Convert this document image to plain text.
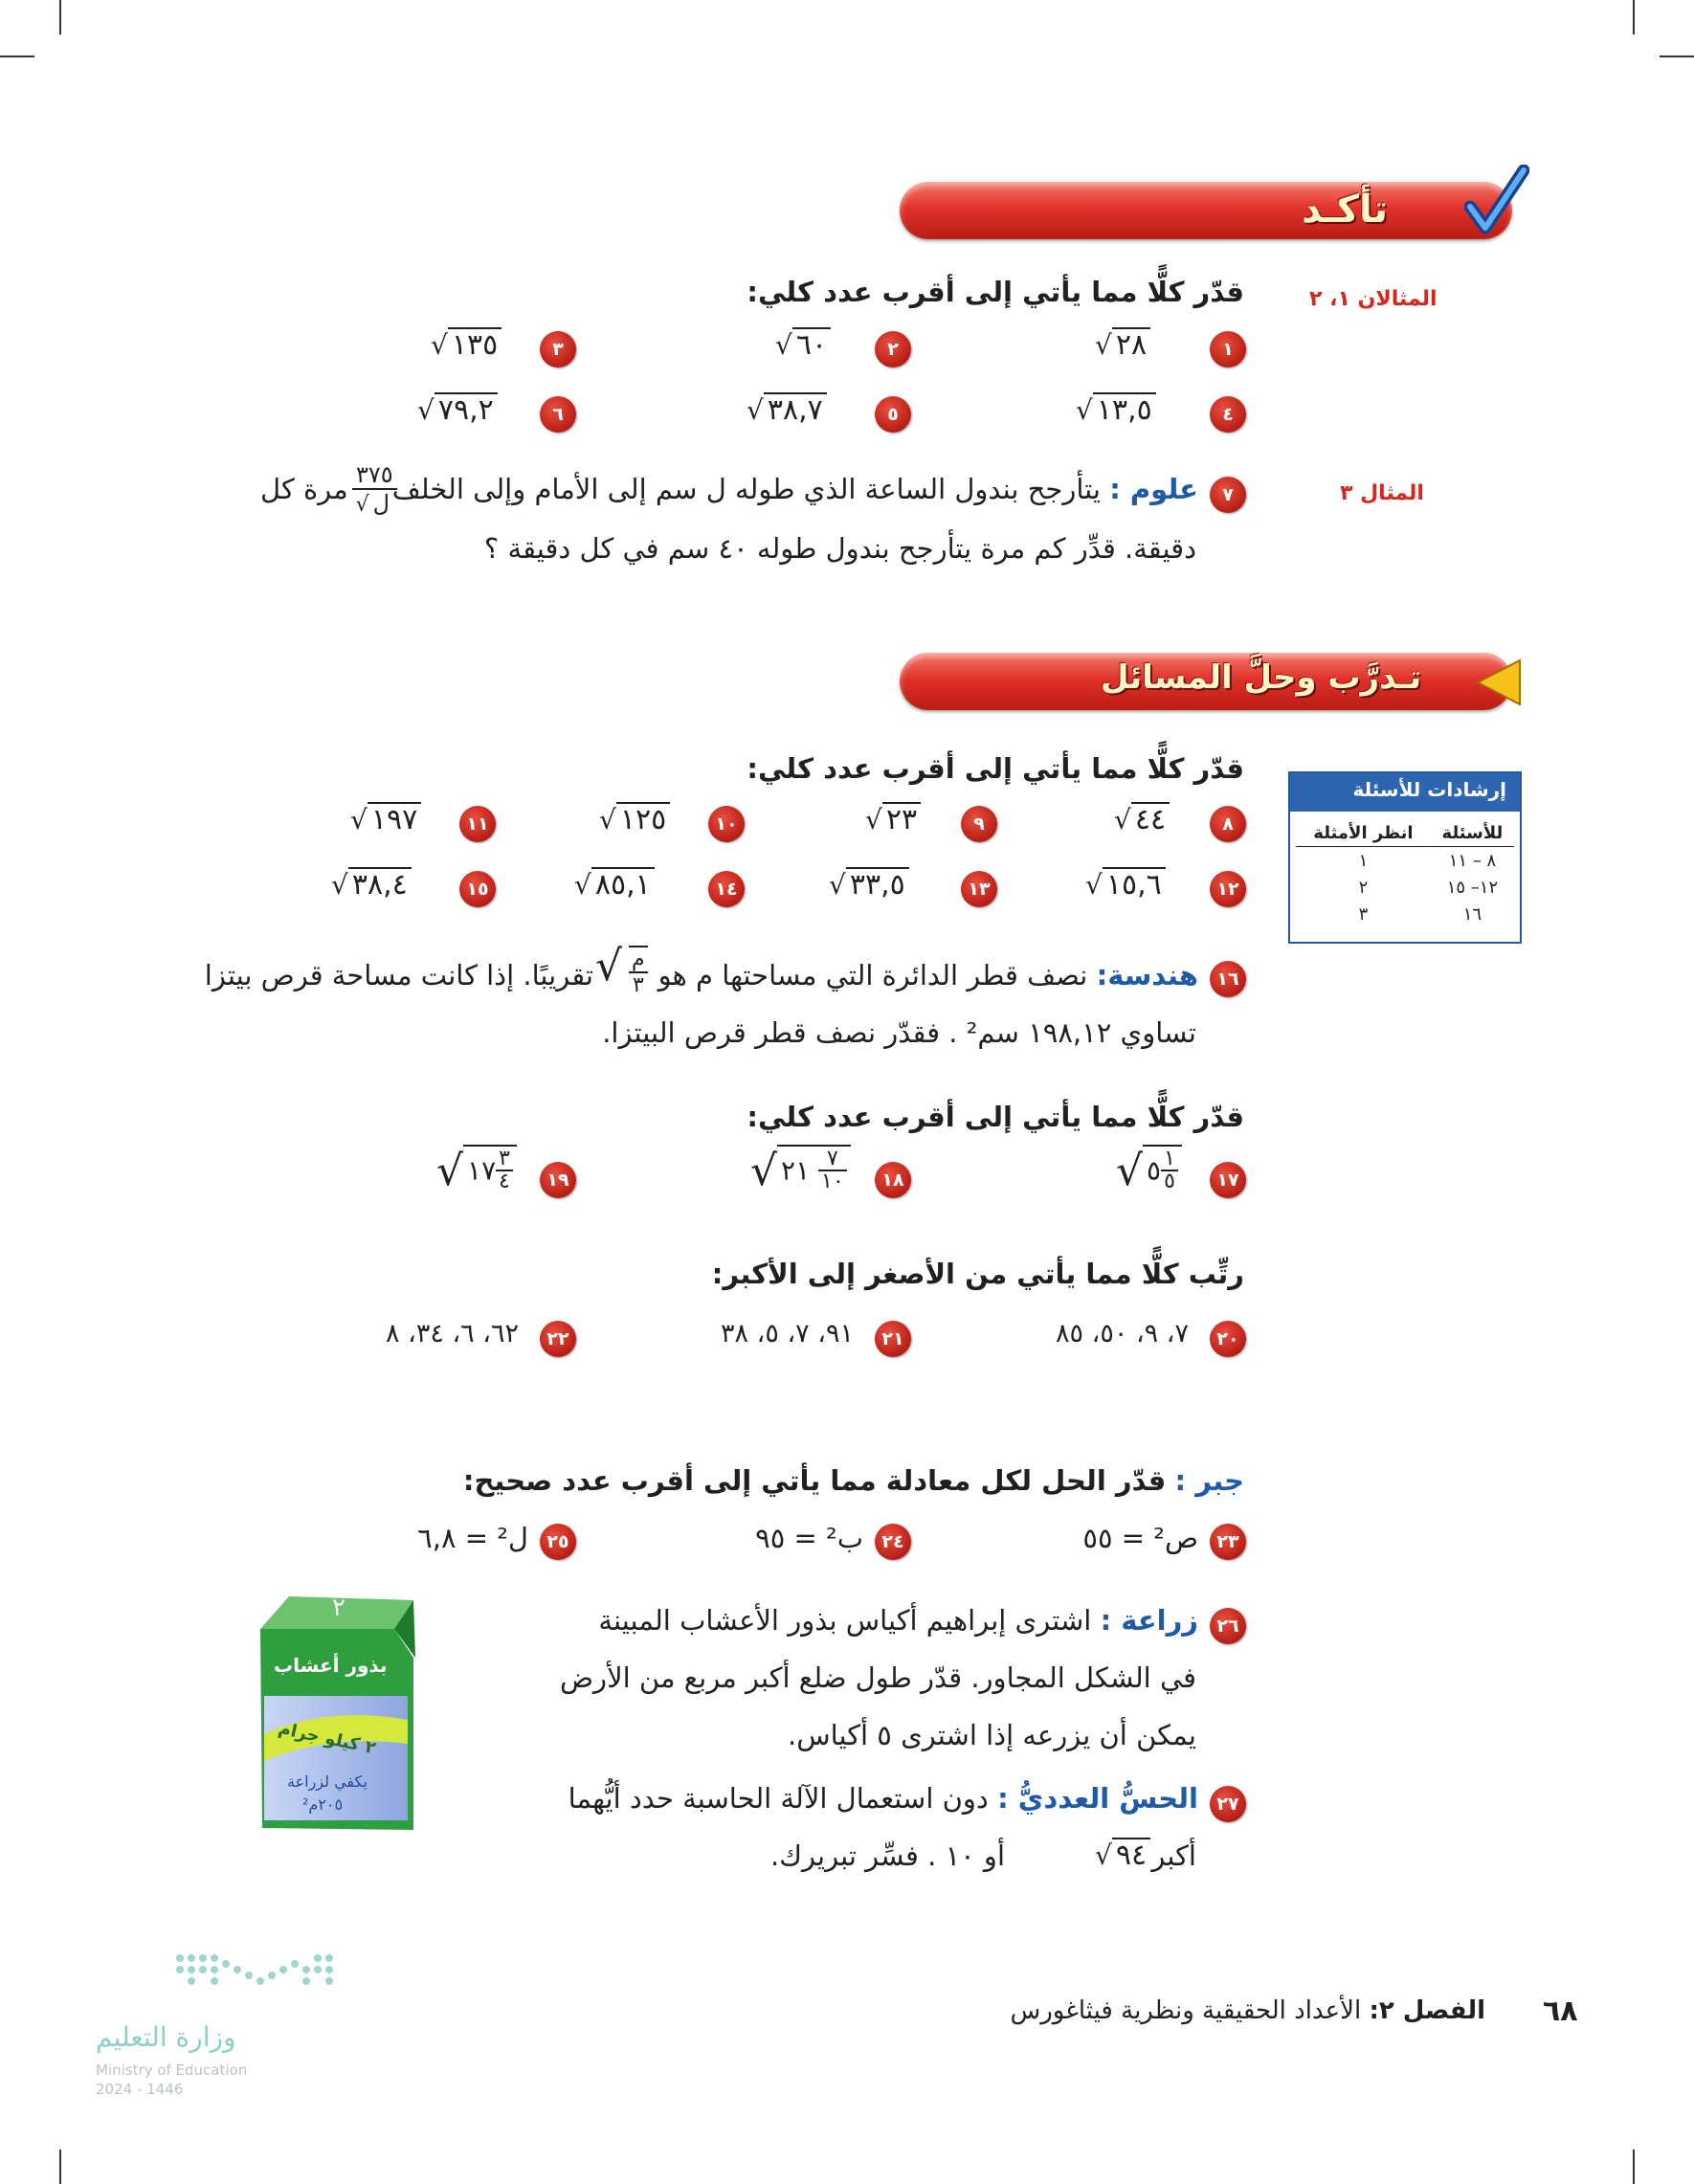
تأكـد
المثالان ١، ٢
المثال ٣
قدّر كلًّا مما يأتي إلى أقرب عدد كلي:
١
√ ٢٨
٢
√ ٦٠
٣
√ ١٣٥
٤
√ ١٣,٥
٥
√ ٣٨,٧
٦
√ ٧٩,٢
٧
علوم : يتأرجح بندول الساعة الذي طوله ل سم إلى الأمام وإلى الخلف
٣٧٥
√ ل
مرة كل
دقيقة. قدِّر كم مرة يتأرجح بندول طوله ٤٠ سم في كل دقيقة ؟
تـدرَّب وحلَّ المسائل
إرشادات للأسئلة
للأسئلة	انظر الأمثلة
٨ – ١١	١
١٢– ١٥	٢
١٦	٣
قدّر كلًّا مما يأتي إلى أقرب عدد كلي:
٨
√ ٤٤
٩
√ ٢٣
١٠
√ ١٢٥
١١
√ ١٩٧
١٢
√ ١٥,٦
١٣
√ ٣٣,٥
١٤
√ ٨٥,١
١٥
√ ٣٨,٤
١٦
هندسة: نصف قطر الدائرة التي مساحتها م هو
√ م
٣
تقريبًا. إذا كانت مساحة قرص بيتزا
تساوي ١٩٨,١٢ سم² . فقدّر نصف قطر قرص البيتزا.
قدّر كلًّا مما يأتي إلى أقرب عدد كلي:
١٧
√ ٥ $\frac{١}{٥}$
١٨
√ ٢١ $\frac{٧}{١٠}$
١٩
√ ١٧ $\frac{٣}{٤}$
رتِّب كلًّا مما يأتي من الأصغر إلى الأكبر:
٢٠
٧، ٩، ٥٠، ٨٥
٢١
٩١، ٧، ٥، ٣٨
٢٢
٦٢، ٦، ٣٤، ٨
جبر : قدّر الحل لكل معادلة مما يأتي إلى أقرب عدد صحيح:
٢٣
ص² = ٥٥
٢٤
ب² = ٩٥
٢٥
ل² = ٦,٨
٢
بذور أعشاب
٢ كيلو جرام
يكفي لزراعة
٢٠٥م²
٢٦
زراعة : اشترى إبراهيم أكياس بذور الأعشاب المبينة
في الشكل المجاور. قدّر طول ضلع أكبر مربع من الأرض
يمكن أن يزرعه إذا اشترى ٥ أكياس.
٢٧
الحسُّ العدديُّ : دون استعمال الآلة الحاسبة حدد أيُّهما
أكبر
√ ٩٤
أو ١٠ . فسِّر تبريرك.
وزارة التعليم
Ministry of Education
2024 - 1446
٦٨
الفصل ٢: الأعداد الحقيقية ونظرية فيثاغورس
